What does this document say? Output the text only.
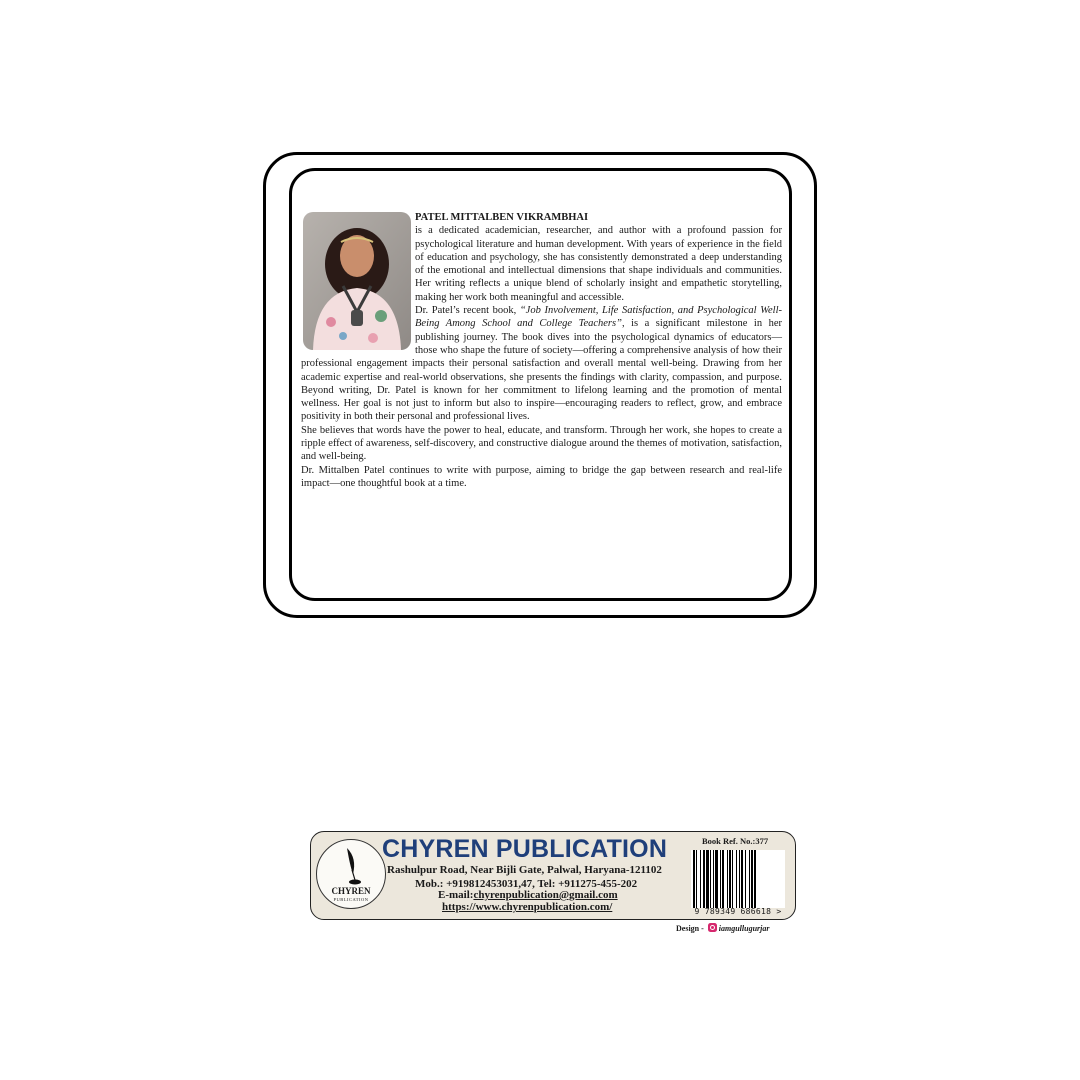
PATEL MITTALBEN VIKRAMBHAI

is a dedicated academician, researcher, and author with a profound passion for psychological literature and human development. With years of experience in the field of education and psychology, she has consistently demonstrated a deep understanding of the emotional and intellectual dimensions that shape individuals and communities. Her writing reflects a unique blend of scholarly insight and empathetic storytelling, making her work both meaningful and accessible.

Dr. Patel’s recent book, “Job Involvement, Life Satisfaction, and Psychological Well-Being Among School and College Teachers”, is a significant milestone in her publishing journey. The book dives into the psychological dynamics of educators—those who shape the future of society—offering a comprehensive analysis of how their professional engagement impacts their personal satisfaction and overall mental well-being. Drawing from her academic expertise and real-world observations, she presents the findings with clarity, compassion, and purpose. Beyond writing, Dr. Patel is known for her commitment to lifelong learning and the promotion of mental wellness. Her goal is not just to inform but also to inspire—encouraging readers to reflect, grow, and embrace positivity in both their personal and professional lives.

She believes that words have the power to heal, educate, and transform. Through her work, she hopes to create a ripple effect of awareness, self-discovery, and constructive dialogue around the themes of motivation, satisfaction, and well-being.

Dr. Mittalben Patel continues to write with purpose, aiming to bridge the gap between research and real-life impact—one thoughtful book at a time.

CHYREN
PUBLICATION
CHYREN PUBLICATION
Rashulpur Road, Near Bijli Gate, Palwal, Haryana-121102
Mob.: +919812453031,47, Tel: +911275-455-202
E-mail:chyrenpublication@gmail.com
https://www.chyrenpublication.com/
Book Ref. No.:377
9 789349 686618 >
Design - iamgullugurjar
